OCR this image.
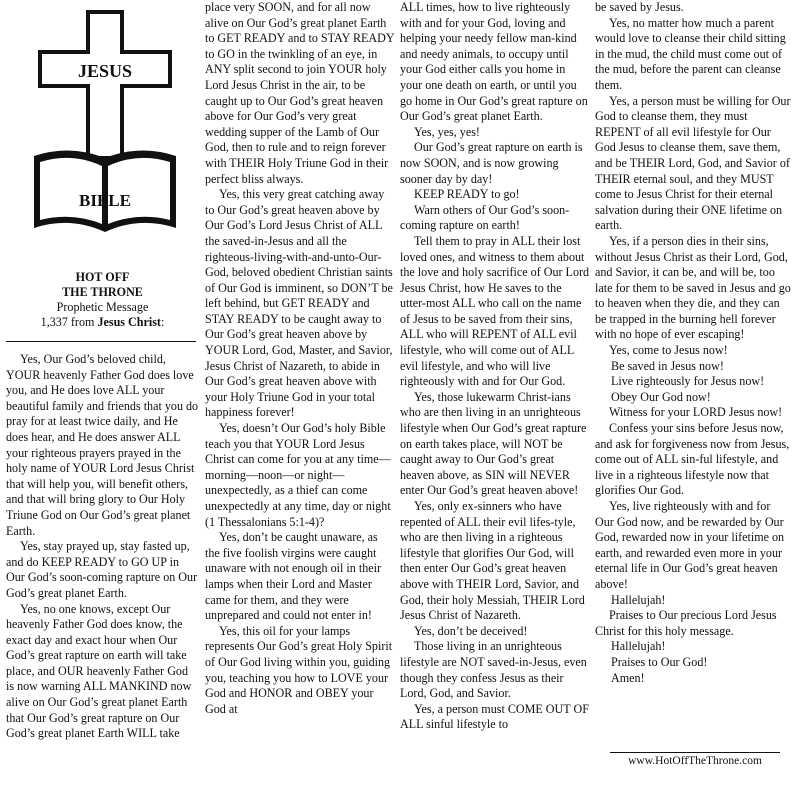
JESUS
BIBLE
HOT OFF
THE THRONE
Prophetic Message
1,337 from Jesus Christ:

Yes, Our God’s beloved child, YOUR heavenly Father God does love you, and He does love ALL your beautiful family and friends that you do pray for at least twice daily, and He does hear, and He does answer ALL your righteous prayers prayed in the holy name of YOUR Lord Jesus Christ that will help you, will benefit others, and that will bring glory to Our Holy Triune God on Our God’s great planet Earth.

Yes, stay prayed up, stay fasted up, and do KEEP READY to GO UP in Our God’s soon-coming rapture on Our God’s great planet Earth.

Yes, no one knows, except Our heavenly Father God does know, the exact day and exact hour when Our God’s great rapture on earth will take place, and OUR heavenly Father God is now warning ALL MANKIND now alive on Our God’s great planet Earth that Our God’s great rapture on Our God’s great planet Earth WILL take

place very SOON, and for all now alive on Our God’s great planet Earth to GET READY and to STAY READY to GO in the twinkling of an eye, in ANY split second to join YOUR holy Lord Jesus Christ in the air, to be caught up to Our God’s great heaven above for Our God’s very great wedding supper of the Lamb of Our God, then to rule and to reign forever with THEIR Holy Triune God in their perfect bliss always.

Yes, this very great catching away to Our God’s great heaven above by Our God’s Lord Jesus Christ of ALL the saved-in-Jesus and all the righteous-living-with-and-unto-Our-God, beloved obedient Christian saints of Our God is imminent, so DON’T be left behind, but GET READY and STAY READY to be caught away to Our God’s great heaven above by YOUR Lord, God, Master, and Savior, Jesus Christ of Nazareth, to abide in Our God’s great heaven above with your Holy Triune God in your total happiness forever!

Yes, doesn’t Our God’s holy Bible teach you that YOUR Lord Jesus Christ can come for you at any time—morning—noon—or night—unexpectedly, as a thief can come unexpectedly at any time, day or night (1 Thessalonians 5:1-4)?

Yes, don’t be caught unaware, as the five foolish virgins were caught unaware with not enough oil in their lamps when their Lord and Master came for them, and they were unprepared and could not enter in!

Yes, this oil for your lamps represents Our God’s great Holy Spirit of Our God living within you, guiding you, teaching you how to LOVE your God and HONOR and OBEY your God at

ALL times, how to live righteously with and for your God, loving and helping your needy fellow man-kind and needy animals, to occupy until your God either calls you home in your one death on earth, or until you go home in Our God’s great rapture on Our God’s great planet Earth.

Yes, yes, yes!

Our God’s great rapture on earth is now SOON, and is now growing sooner day by day!

KEEP READY to go!

Warn others of Our God’s soon-coming rapture on earth!

Tell them to pray in ALL their lost loved ones, and witness to them about the love and holy sacrifice of Our Lord Jesus Christ, how He saves to the utter-most ALL who call on the name of Jesus to be saved from their sins, ALL who will REPENT of ALL evil lifestyle, who will come out of ALL evil lifestyle, and who will live righteously with and for Our God.

Yes, those lukewarm Christ-ians who are then living in an unrighteous lifestyle when Our God’s great rapture on earth takes place, will NOT be caught away to Our God’s great heaven above, as SIN will NEVER enter Our God’s great heaven above!

Yes, only ex-sinners who have repented of ALL their evil lifes-tyle, who are then living in a righteous lifestyle that glorifies Our God, will then enter Our God’s great heaven above with THEIR Lord, Savior, and God, their holy Messiah, THEIR Lord Jesus Christ of Nazareth.

Yes, don’t be deceived!

Those living in an unrighteous lifestyle are NOT saved-in-Jesus, even though they confess Jesus as their Lord, God, and Savior.

Yes, a person must COME OUT OF ALL sinful lifestyle to

be saved by Jesus.

Yes, no matter how much a parent would love to cleanse their child sitting in the mud, the child must come out of the mud, before the parent can cleanse them.

Yes, a person must be willing for Our God to cleanse them, they must REPENT of all evil lifestyle for Our God Jesus to cleanse them, save them, and be THEIR Lord, God, and Savior of THEIR eternal soul, and they MUST come to Jesus Christ for their eternal salvation during their ONE lifetime on earth.

Yes, if a person dies in their sins, without Jesus Christ as their Lord, God, and Savior, it can be, and will be, too late for them to be saved in Jesus and go to heaven when they die, and they can be trapped in the burning hell forever with no hope of ever escaping!

Yes, come to Jesus now!

Be saved in Jesus now!

Live righteously for Jesus now!

Obey Our God now!

Witness for your LORD Jesus now!

Confess your sins before Jesus now, and ask for forgiveness now from Jesus, come out of ALL sin-ful lifestyle, and live in a righteous lifestyle now that glorifies Our God.

Yes, live righteously with and for Our God now, and be rewarded by Our God, rewarded now in your lifetime on earth, and rewarded even more in your eternal life in Our God’s great heaven above!

Hallelujah!

Praises to Our precious Lord Jesus Christ for this holy message.

Hallelujah!

Praises to Our God!

Amen!

www.HotOffTheThrone.com
